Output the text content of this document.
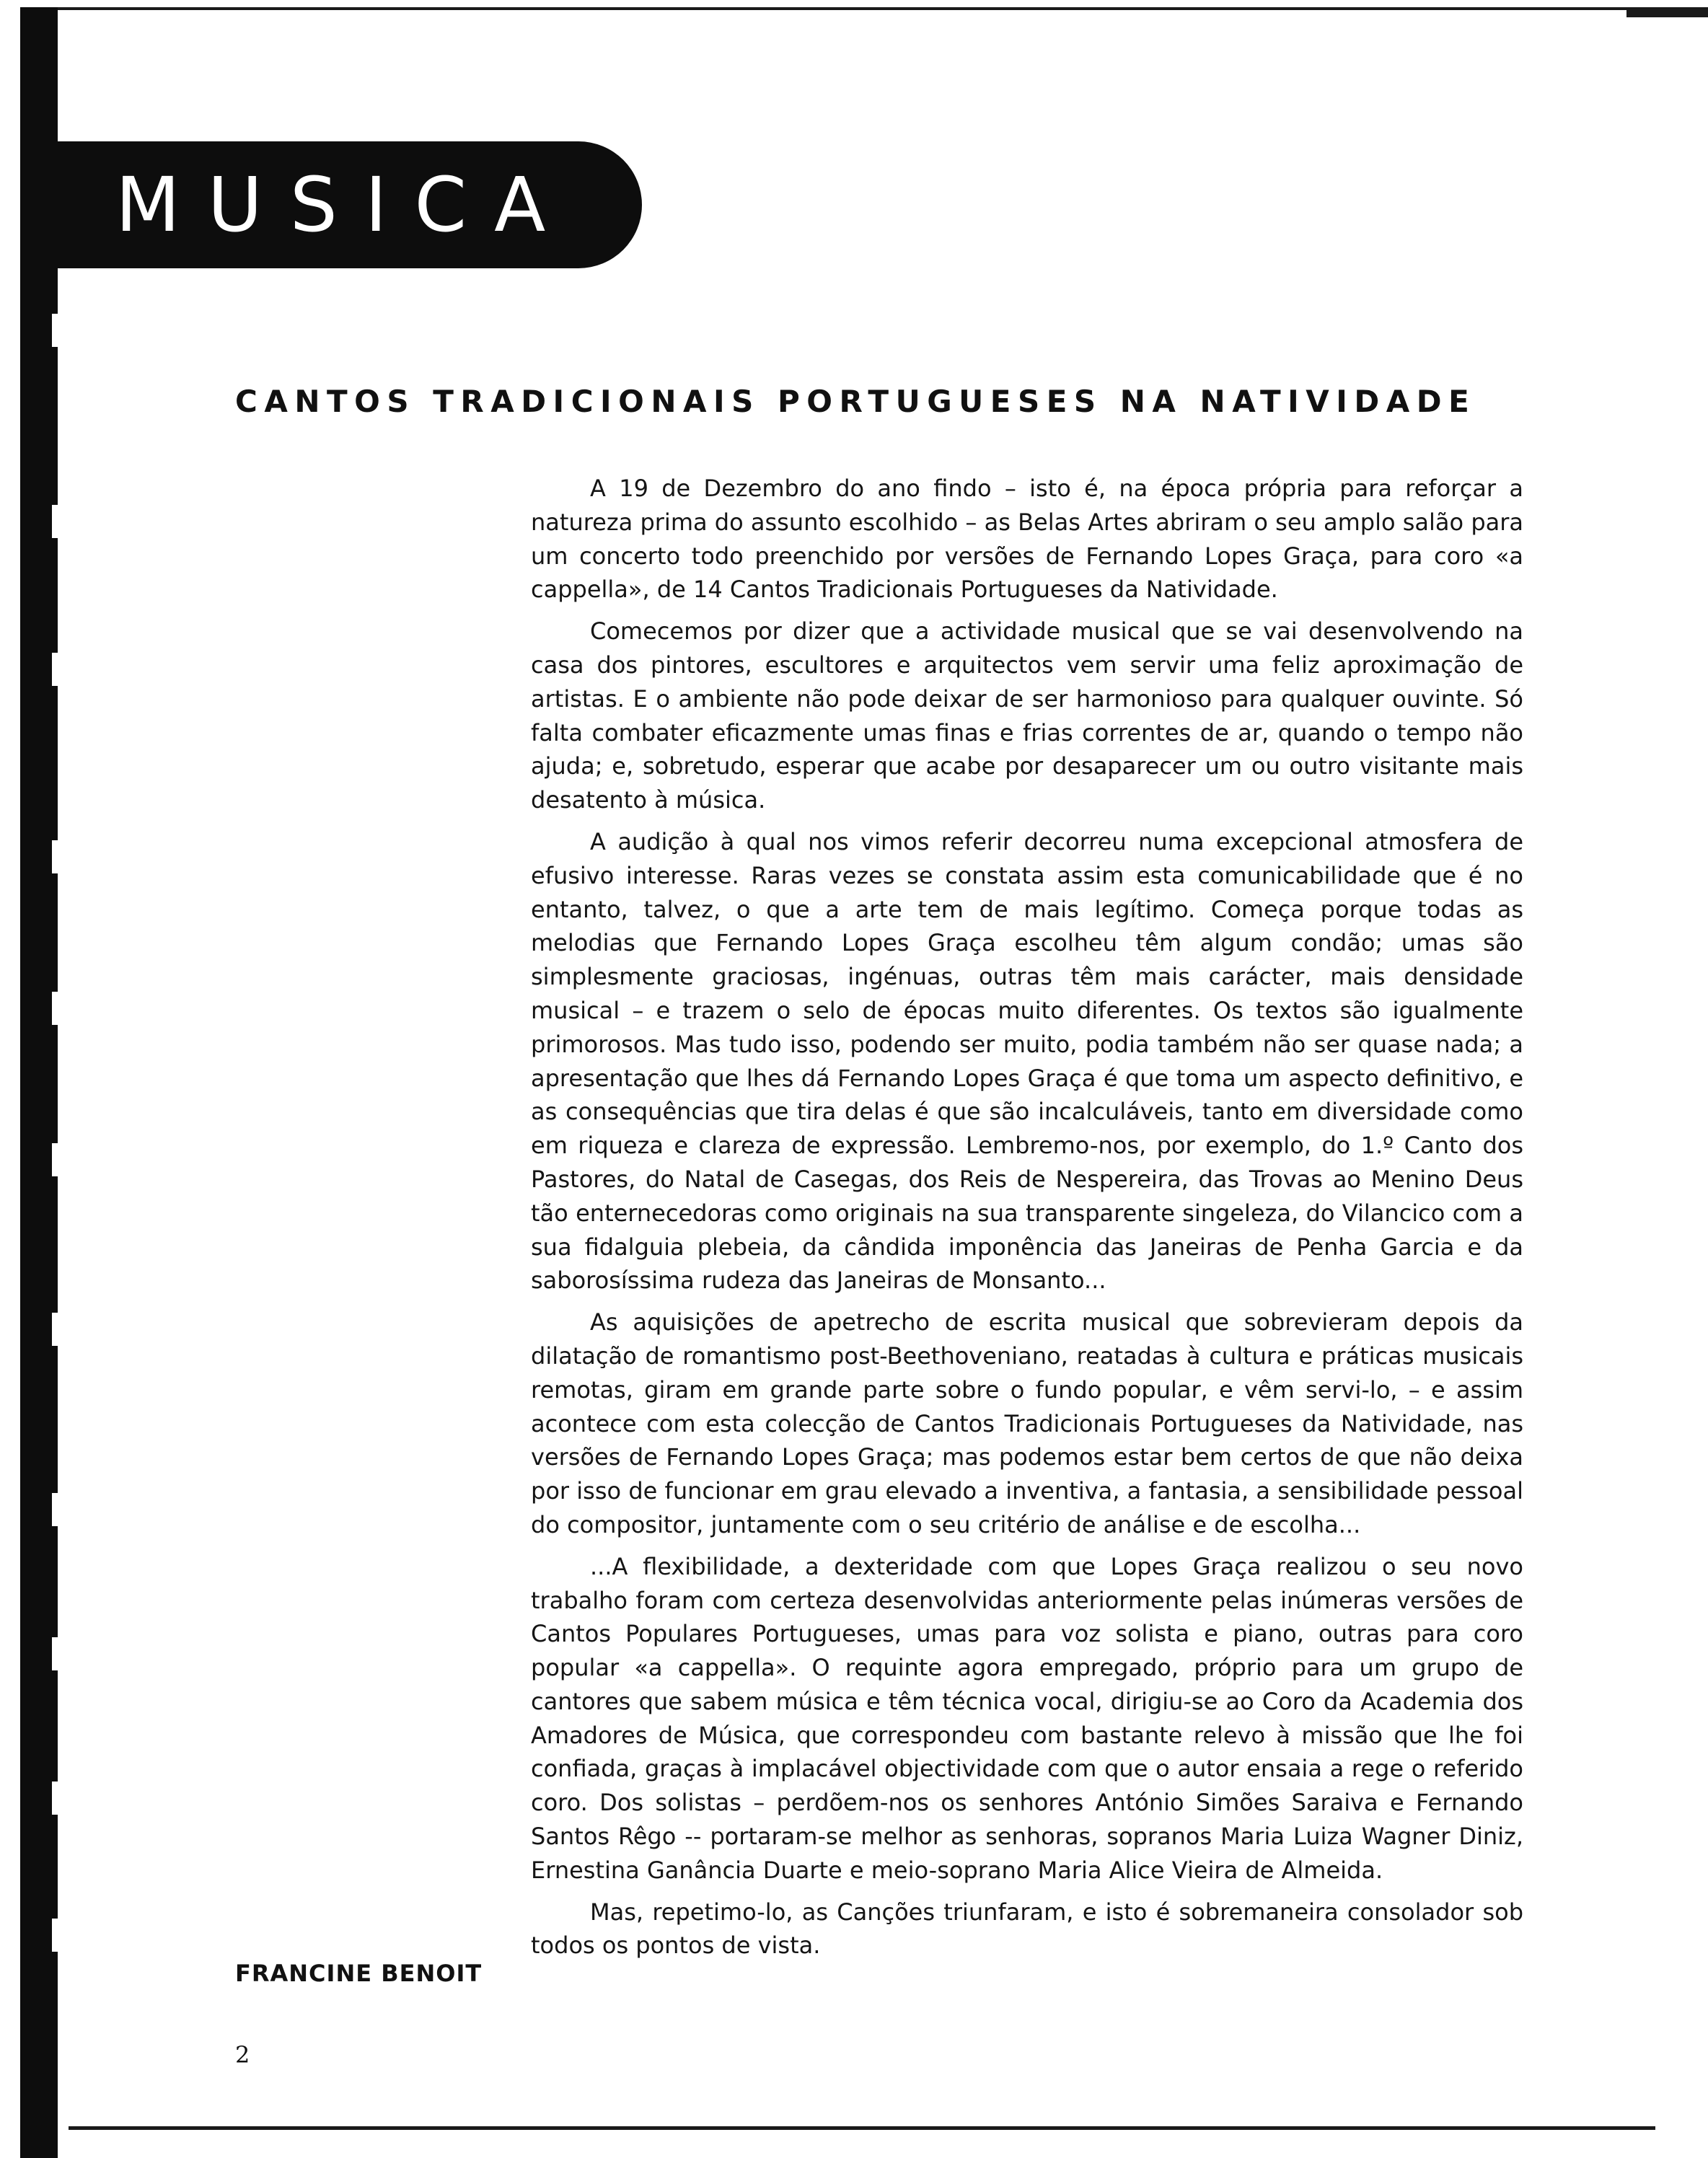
MUSICA
CANTOS TRADICIONAIS PORTUGUESES NA NATIVIDADE

A 19 de Dezembro do ano findo – isto é, na época própria para reforçar a natureza prima do assunto escolhido – as Belas Artes abriram o seu amplo salão para um concerto todo preenchido por versões de Fernando Lopes Graça, para coro «a cappella», de 14 Cantos Tradicionais Portugueses da Natividade.

Comecemos por dizer que a actividade musical que se vai desenvolvendo na casa dos pintores, escultores e arquitectos vem servir uma feliz aproximação de artistas. E o ambiente não pode deixar de ser harmonioso para qualquer ouvinte. Só falta combater eficazmente umas finas e frias correntes de ar, quando o tempo não ajuda; e, sobretudo, esperar que acabe por desaparecer um ou outro visitante mais desatento à música.

A audição à qual nos vimos referir decorreu numa excepcional atmosfera de efusivo interesse. Raras vezes se constata assim esta comunicabilidade que é no entanto, talvez, o que a arte tem de mais legítimo. Começa porque todas as melodias que Fernando Lopes Graça escolheu têm algum condão; umas são simplesmente graciosas, ingénuas, outras têm mais carácter, mais densidade musical – e trazem o selo de épocas muito diferentes. Os textos são igualmente primorosos. Mas tudo isso, podendo ser muito, podia também não ser quase nada; a apresentação que lhes dá Fernando Lopes Graça é que toma um aspecto definitivo, e as consequências que tira delas é que são incalculáveis, tanto em diversidade como em riqueza e clareza de expressão. Lembremo-nos, por exemplo, do 1.º Canto dos Pastores, do Natal de Casegas, dos Reis de Nespereira, das Trovas ao Menino Deus tão enternecedoras como originais na sua transparente singeleza, do Vilancico com a sua fidalguia plebeia, da cândida imponência das Janeiras de Penha Garcia e da saborosíssima rudeza das Janeiras de Monsanto...

As aquisições de apetrecho de escrita musical que sobrevieram depois da dilatação de romantismo post-Beethoveniano, reatadas à cultura e práticas musicais remotas, giram em grande parte sobre o fundo popular, e vêm servi-lo, – e assim acontece com esta colecção de Cantos Tradicionais Portugueses da Natividade, nas versões de Fernando Lopes Graça; mas podemos estar bem certos de que não deixa por isso de funcionar em grau elevado a inventiva, a fantasia, a sensibilidade pessoal do compositor, juntamente com o seu critério de análise e de escolha...

...A flexibilidade, a dexteridade com que Lopes Graça realizou o seu novo trabalho foram com certeza desenvolvidas anteriormente pelas inúmeras versões de Cantos Populares Portugueses, umas para voz solista e piano, outras para coro popular «a cappella». O requinte agora empregado, próprio para um grupo de cantores que sabem música e têm técnica vocal, dirigiu-se ao Coro da Academia dos Amadores de Música, que correspondeu com bastante relevo à missão que lhe foi confiada, graças à implacável objectividade com que o autor ensaia a rege o referido coro. Dos solistas – perdõem-nos os senhores António Simões Saraiva e Fernando Santos Rêgo -- portaram-se melhor as senhoras, sopranos Maria Luiza Wagner Diniz, Ernestina Ganância Duarte e meio-soprano Maria Alice Vieira de Almeida.

Mas, repetimo-lo, as Canções triunfaram, e isto é sobremaneira consolador sob todos os pontos de vista.

FRANCINE BENOIT
2
